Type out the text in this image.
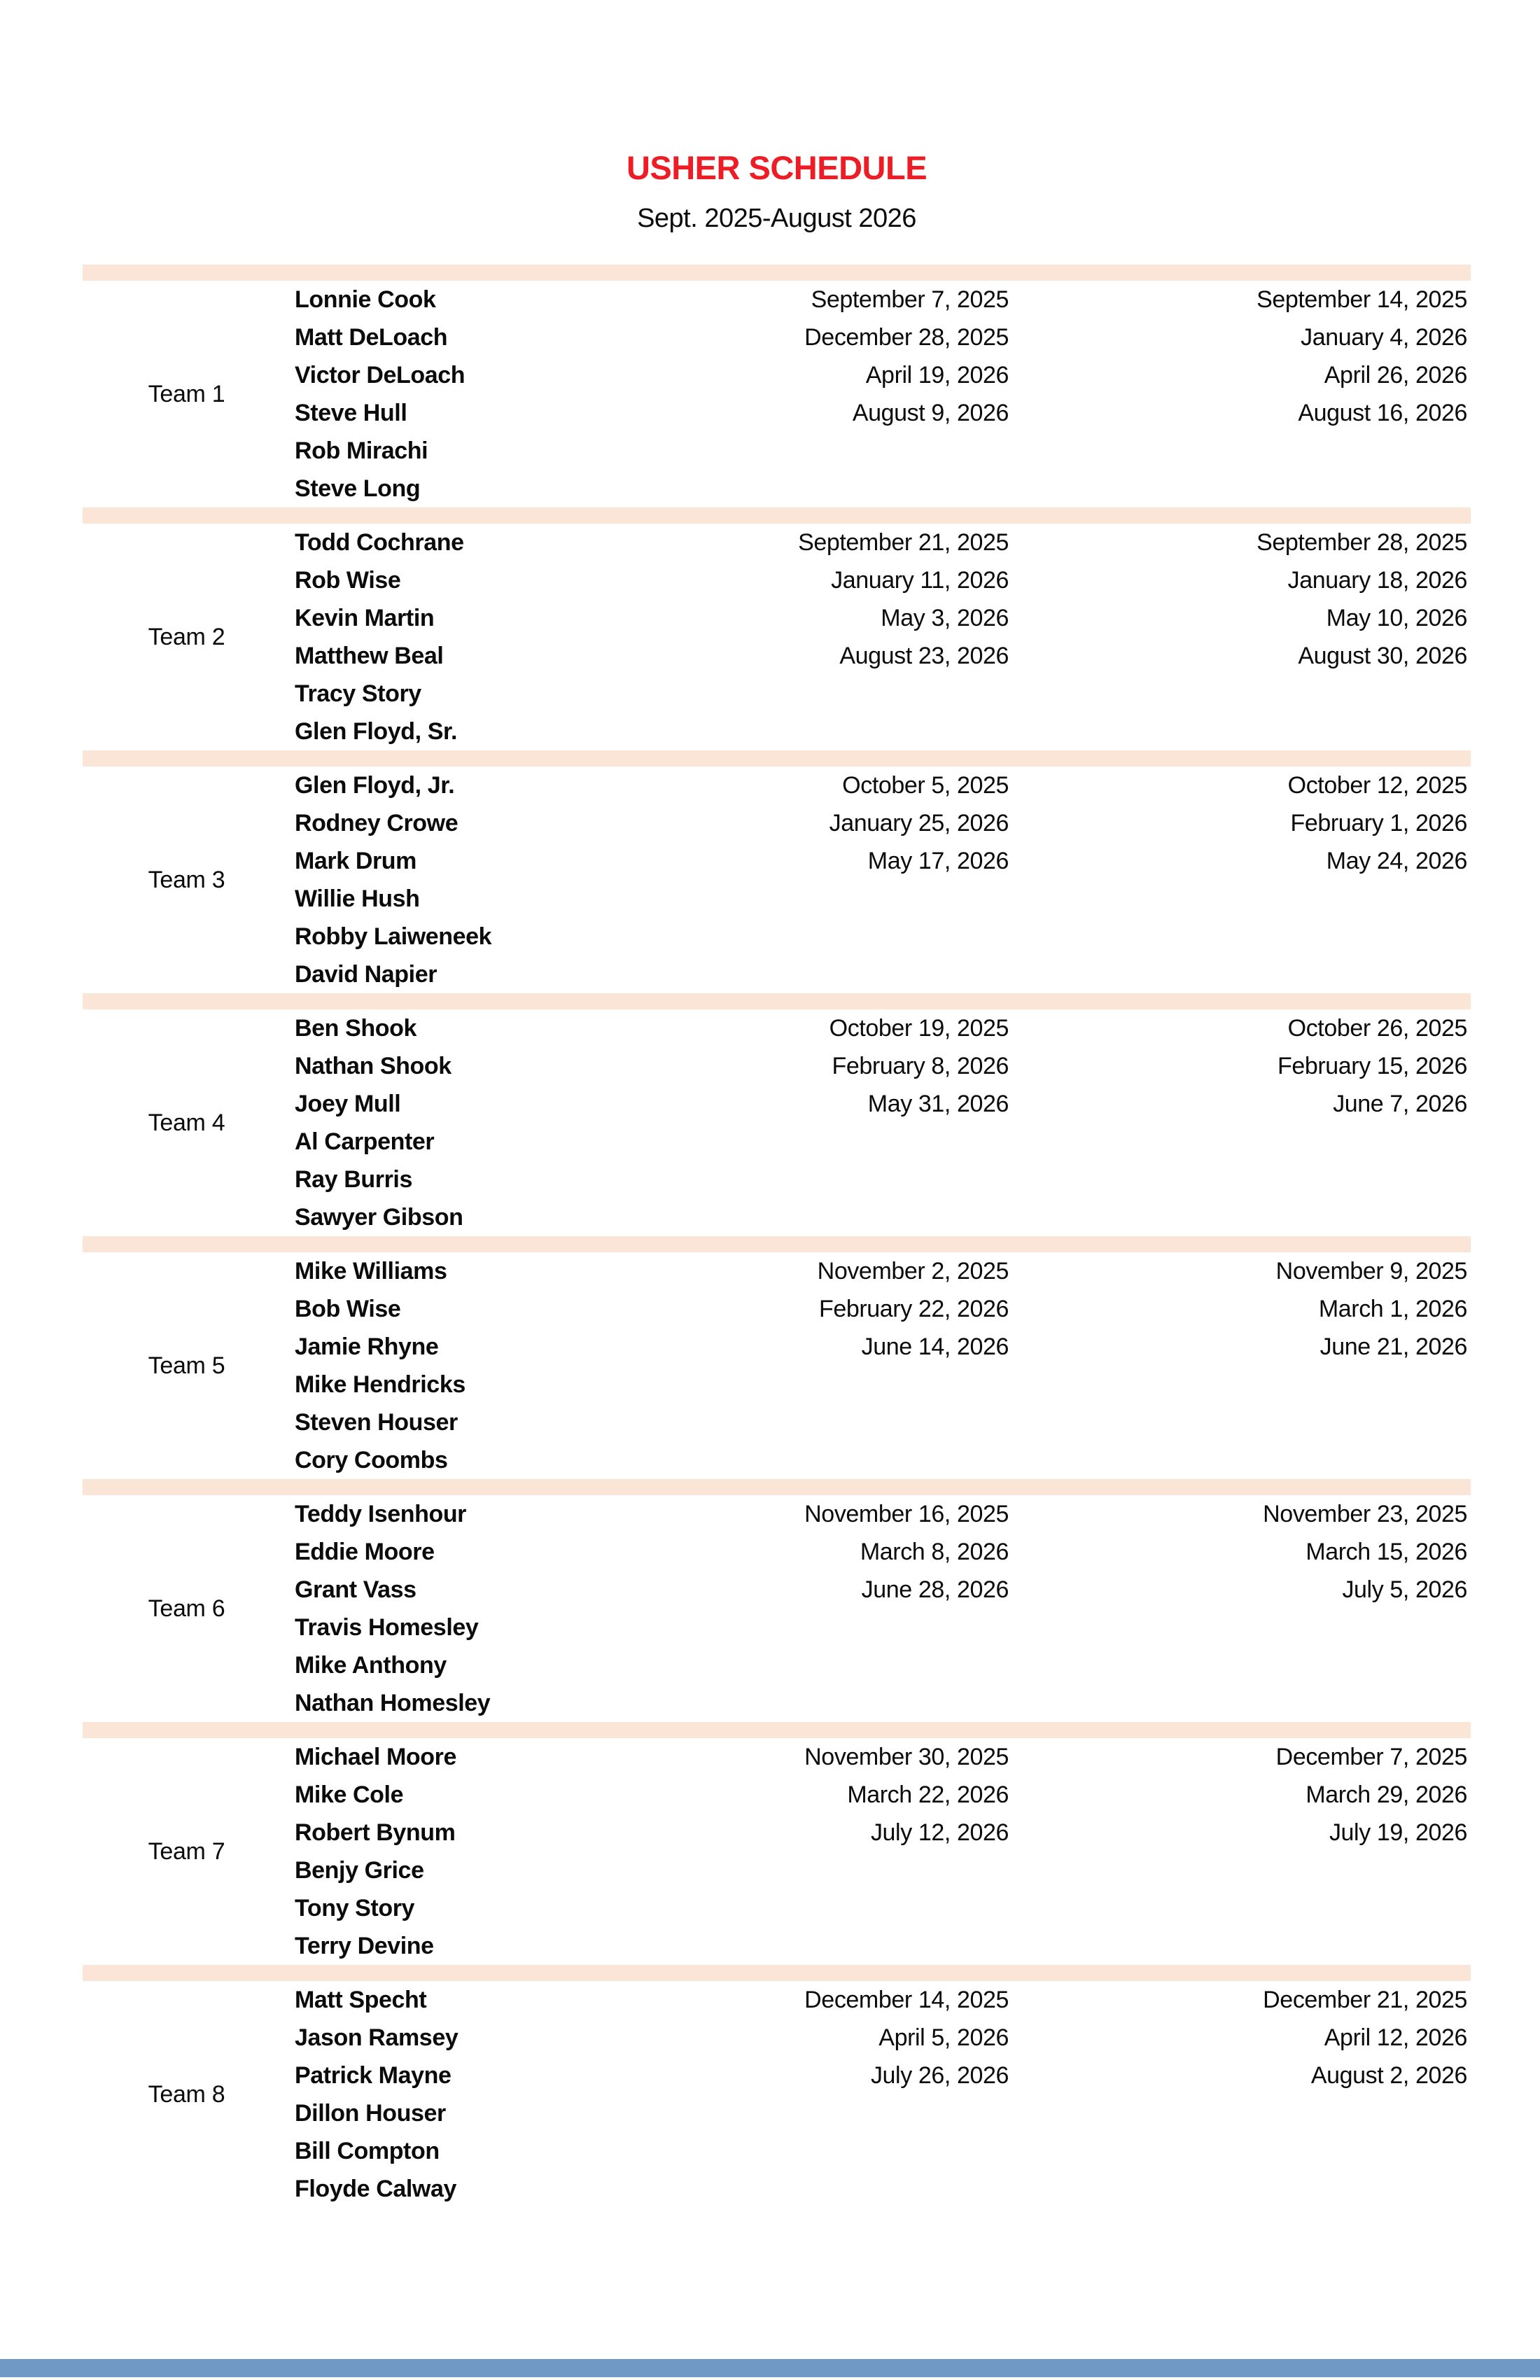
USHER SCHEDULE
Sept. 2025-August 2026
Team 1
Lonnie Cook
Matt DeLoach
Victor DeLoach
Steve Hull
Rob Mirachi
Steve Long
September 7, 2025
December 28, 2025
April 19, 2026
August 9, 2026
September 14, 2025
January 4, 2026
April 26, 2026
August 16, 2026
Team 2
Todd Cochrane
Rob Wise
Kevin Martin
Matthew Beal
Tracy Story
Glen Floyd, Sr.
September 21, 2025
January 11, 2026
May 3, 2026
August 23, 2026
September 28, 2025
January 18, 2026
May 10, 2026
August 30, 2026
Team 3
Glen Floyd, Jr.
Rodney Crowe
Mark Drum
Willie Hush
Robby Laiweneek
David Napier
October 5, 2025
January 25, 2026
May 17, 2026
October 12, 2025
February 1, 2026
May 24, 2026
Team 4
Ben Shook
Nathan Shook
Joey Mull
Al Carpenter
Ray Burris
Sawyer Gibson
October 19, 2025
February 8, 2026
May 31, 2026
October 26, 2025
February 15, 2026
June 7, 2026
Team 5
Mike Williams
Bob Wise
Jamie Rhyne
Mike Hendricks
Steven Houser
Cory Coombs
November 2, 2025
February 22, 2026
June 14, 2026
November 9, 2025
March 1, 2026
June 21, 2026
Team 6
Teddy Isenhour
Eddie Moore
Grant Vass
Travis Homesley
Mike Anthony
Nathan Homesley
November 16, 2025
March 8, 2026
June 28, 2026
November 23, 2025
March 15, 2026
July 5, 2026
Team 7
Michael Moore
Mike Cole
Robert Bynum
Benjy Grice
Tony Story
Terry Devine
November 30, 2025
March 22, 2026
July 12, 2026
December 7, 2025
March 29, 2026
July 19, 2026
Team 8
Matt Specht
Jason Ramsey
Patrick Mayne
Dillon Houser
Bill Compton
Floyde Calway
December 14, 2025
April 5, 2026
July 26, 2026
December 21, 2025
April 12, 2026
August 2, 2026
